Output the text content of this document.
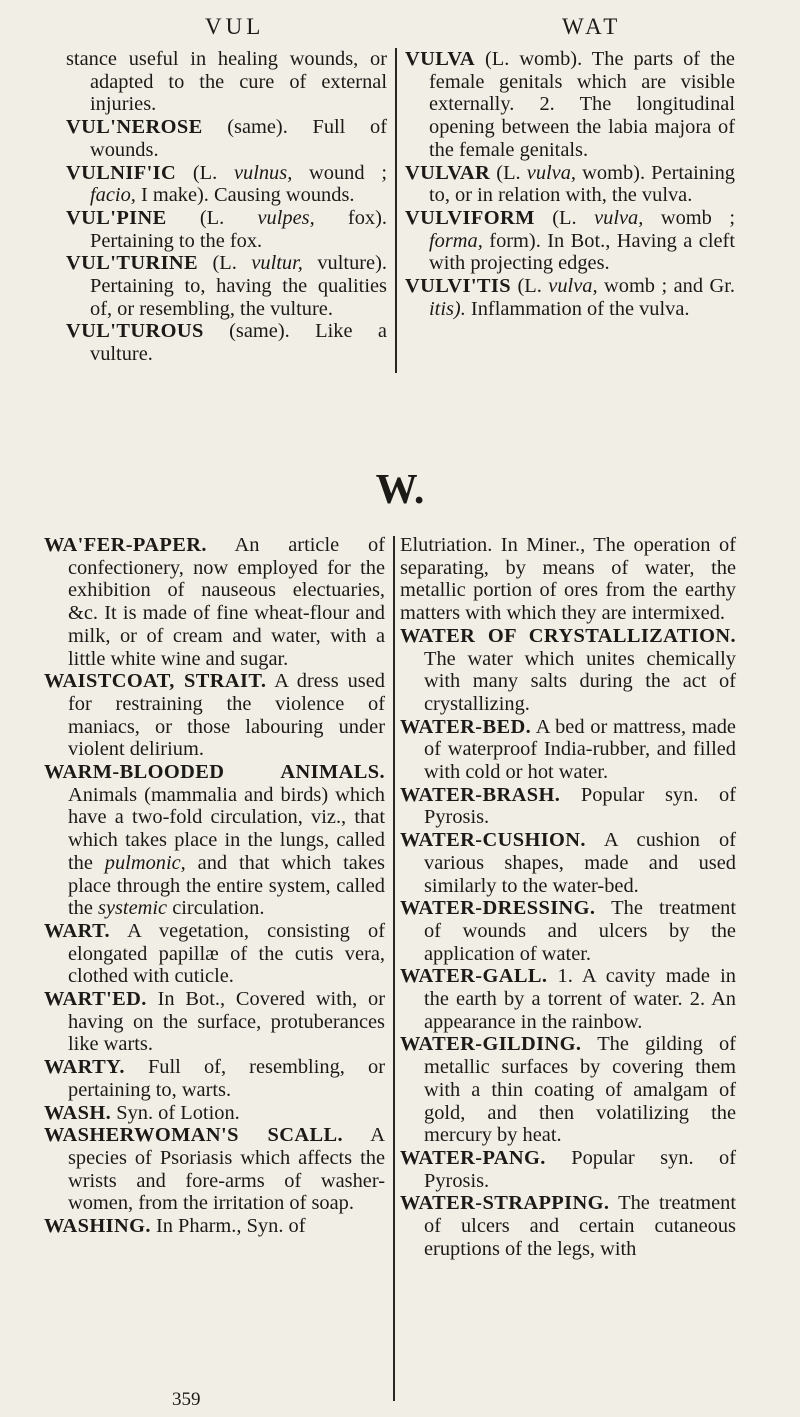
VUL	WAT

stance useful in healing wounds, or adapted to the cure of external injuries.

VUL'NEROSE (same). Full of wounds.

VULNIF'IC (L. vulnus, wound ; facio, I make). Causing wounds.

VUL'PINE (L. vulpes, fox). Pertaining to the fox.

VUL'TURINE (L. vultur, vulture). Pertaining to, having the qualities of, or resembling, the vulture.

VUL'TUROUS (same). Like a vulture.

VULVA (L. womb). The parts of the female genitals which are visible externally. 2. The longitudinal opening between the labia majora of the female genitals.

VULVAR (L. vulva, womb). Pertaining to, or in relation with, the vulva.

VULVIFORM (L. vulva, womb ; forma, form). In Bot., Having a cleft with projecting edges.

VULVI'TIS (L. vulva, womb ; and Gr. itis). Inflammation of the vulva.

W.

WA'FER-PAPER. An article of confectionery, now employed for the exhibition of nauseous electuaries, &c. It is made of fine wheat-flour and milk, or of cream and water, with a little white wine and sugar.

WAISTCOAT, STRAIT. A dress used for restraining the violence of maniacs, or those labouring under violent delirium.

WARM-BLOODED ANIMALS. Animals (mammalia and birds) which have a two-fold circulation, viz., that which takes place in the lungs, called the pulmonic, and that which takes place through the entire system, called the systemic circulation.

WART. A vegetation, consisting of elongated papillæ of the cutis vera, clothed with cuticle.

WART'ED. In Bot., Covered with, or having on the surface, protuberances like warts.

WARTY. Full of, resembling, or pertaining to, warts.

WASH. Syn. of Lotion.

WASHERWOMAN'S SCALL. A species of Psoriasis which affects the wrists and fore-arms of washer-women, from the irritation of soap.

WASHING. In Pharm., Syn. of

Elutriation. In Miner., The operation of separating, by means of water, the metallic portion of ores from the earthy matters with which they are intermixed.

WATER OF CRYSTALLIZATION. The water which unites chemically with many salts during the act of crystallizing.

WATER-BED. A bed or mattress, made of waterproof India-rubber, and filled with cold or hot water.

WATER-BRASH. Popular syn. of Pyrosis.

WATER-CUSHION. A cushion of various shapes, made and used similarly to the water-bed.

WATER-DRESSING. The treatment of wounds and ulcers by the application of water.

WATER-GALL. 1. A cavity made in the earth by a torrent of water. 2. An appearance in the rainbow.

WATER-GILDING. The gilding of metallic surfaces by covering them with a thin coating of amalgam of gold, and then volatilizing the mercury by heat.

WATER-PANG. Popular syn. of Pyrosis.

WATER-STRAPPING. The treatment of ulcers and certain cutaneous eruptions of the legs, with

359
